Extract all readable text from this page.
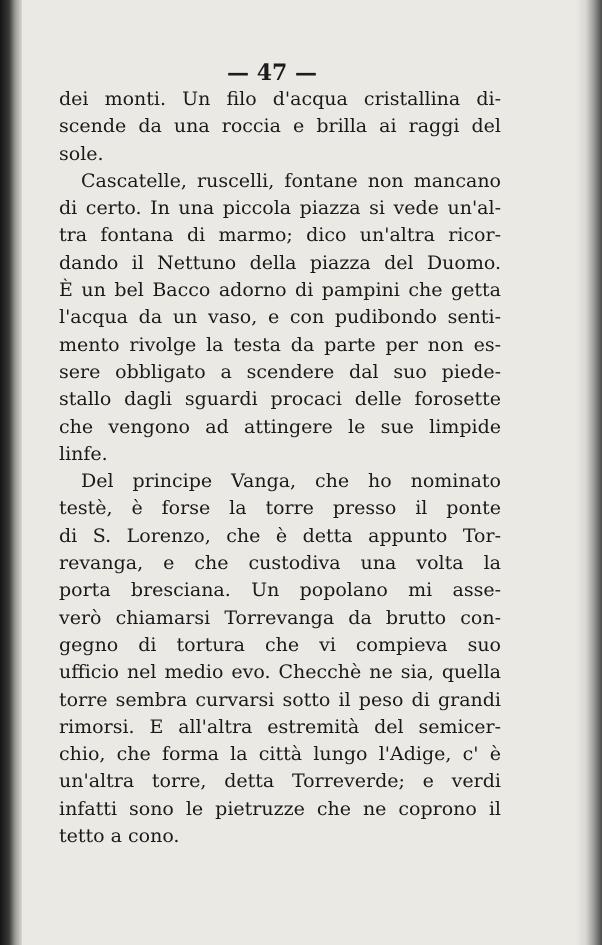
— 47 —
dei monti. Un filo d'acqua cristallina di-
scende da una roccia e brilla ai raggi del
sole.
Cascatelle, ruscelli, fontane non mancano
di certo. In una piccola piazza si vede un'al-
tra fontana di marmo; dico un'altra ricor-
dando il Nettuno della piazza del Duomo.
È un bel Bacco adorno di pampini che getta
l'acqua da un vaso, e con pudibondo senti-
mento rivolge la testa da parte per non es-
sere obbligato a scendere dal suo piede-
stallo dagli sguardi procaci delle forosette
che vengono ad attingere le sue limpide
linfe.
Del principe Vanga, che ho nominato
testè, è forse la torre presso il ponte
di S. Lorenzo, che è detta appunto Tor-
revanga, e che custodiva una volta la
porta bresciana. Un popolano mi asse-
verò chiamarsi Torrevanga da brutto con-
gegno di tortura che vi compieva suo
ufficio nel medio evo. Checchè ne sia, quella
torre sembra curvarsi sotto il peso di grandi
rimorsi. E all'altra estremità del semicer-
chio, che forma la città lungo l'Adige, c' è
un'altra torre, detta Torreverde; e verdi
infatti sono le pietruzze che ne coprono il
tetto a cono.
